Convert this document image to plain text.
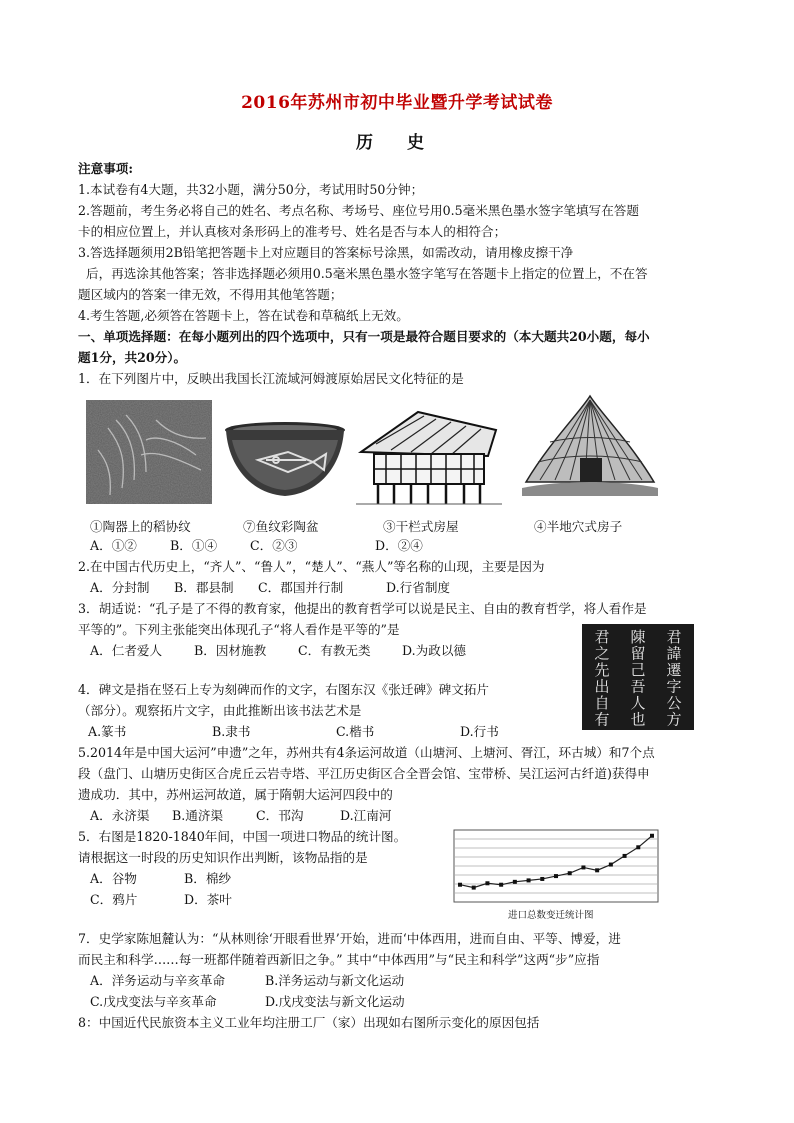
2016年苏州市初中毕业暨升学考试试卷
历 史
注意事项:
1.本试卷有4大题，共32小题，满分50分，考试用时50分钟；
2.答题前，考生务必将自己的姓名、考点名称、考场号、座位号用0.5毫米黑色墨水签字笔填写在答题
卡的相应位置上，并认真核对条形码上的准考号、姓名是否与本人的相符合；
3.答选择题须用2B铅笔把答题卡上对应题目的答案标号涂黑，如需改动，请用橡皮擦干净
后，再选涂其他答案；答非选择题必须用0.5毫米黑色墨水签字笔写在答题卡上指定的位置上，不在答
题区域内的答案一律无效，不得用其他笔答题；
4.考生答题,必须答在答题卡上，答在试卷和草稿纸上无效。
一、单项选择题：在每小题列出的四个选项中，只有一项是最符合题目要求的（本大题共20小题，每小
题1分，共20分）。
1．在下列图片中，反映出我国长江流域河姆渡原始居民文化特征的是
①陶器上的稻协纹	⑦鱼纹彩陶盆	③干栏式房屋	④半地穴式房子
A．①②	B．①④	C．②③	D．②④
2.在中国古代历史上，“齐人”、“鲁人”，“楚人”、“燕人”等名称的山现，主要是因为
A．分封制 B．郡县制 C．郡国并行制	D.行省制度
3．胡适说：“孔子是了不得的教育家，他提出的教育哲学可以说是民主、自由的教育哲学，将人看作是
平等的”。下列主张能突出体现孔子“将人看作是平等的”是
A．仁者爱人	B．因材施教	C．有教无类 D.为政以德
君
諱
遷
字
公
方
陳
留
己
吾
人
也
君
之
先
出
自
有
4．碑文是指在竖石上专为刻碑而作的文字，右图东汉《张迁碑》碑文拓片
（部分）。观察拓片文字，由此推断出该书法艺术是
A.篆书	B.隶书	C.楷书	D.行书
5.2014年是中国大运河”申遗”之年，苏州共有4条运河故道（山塘河、上塘河、胥江，环古城）和7个点
段（盘门、山塘历史街区合虎丘云岩寺塔、平江历史街区合全晋会馆、宝带桥、吴江运河古纤道)获得申
遗成功．其中，苏州运河故道，属于隋朝大运河四段中的
A．永济渠 B.通济渠	C．邗沟	D.江南河
5．右图是1820-1840年间，中国一项进口物品的统计图。
请根据这一时段的历史知识作出判断，该物品指的是
A．谷物	B．棉纱
C．鸦片	D．茶叶
进口总数变迁统计图
7．史学家陈旭麓认为：“从林则徐‘开眼看世界’开始，进而‘中体西用，进而自由、平等、博爱，进
而民主和科学……每一班都伴随着西新旧之争。” 其中“中体西用”与“民主和科学”这两“步”应指
A．洋务运动与辛亥革命	B.洋务运动与新文化运动
C.戊戌变法与辛亥革命	D.戊戌变法与新文化运动
8：中国近代民旅资本主义工业年均注册工厂（家）出现如右图所示变化的原因包括
